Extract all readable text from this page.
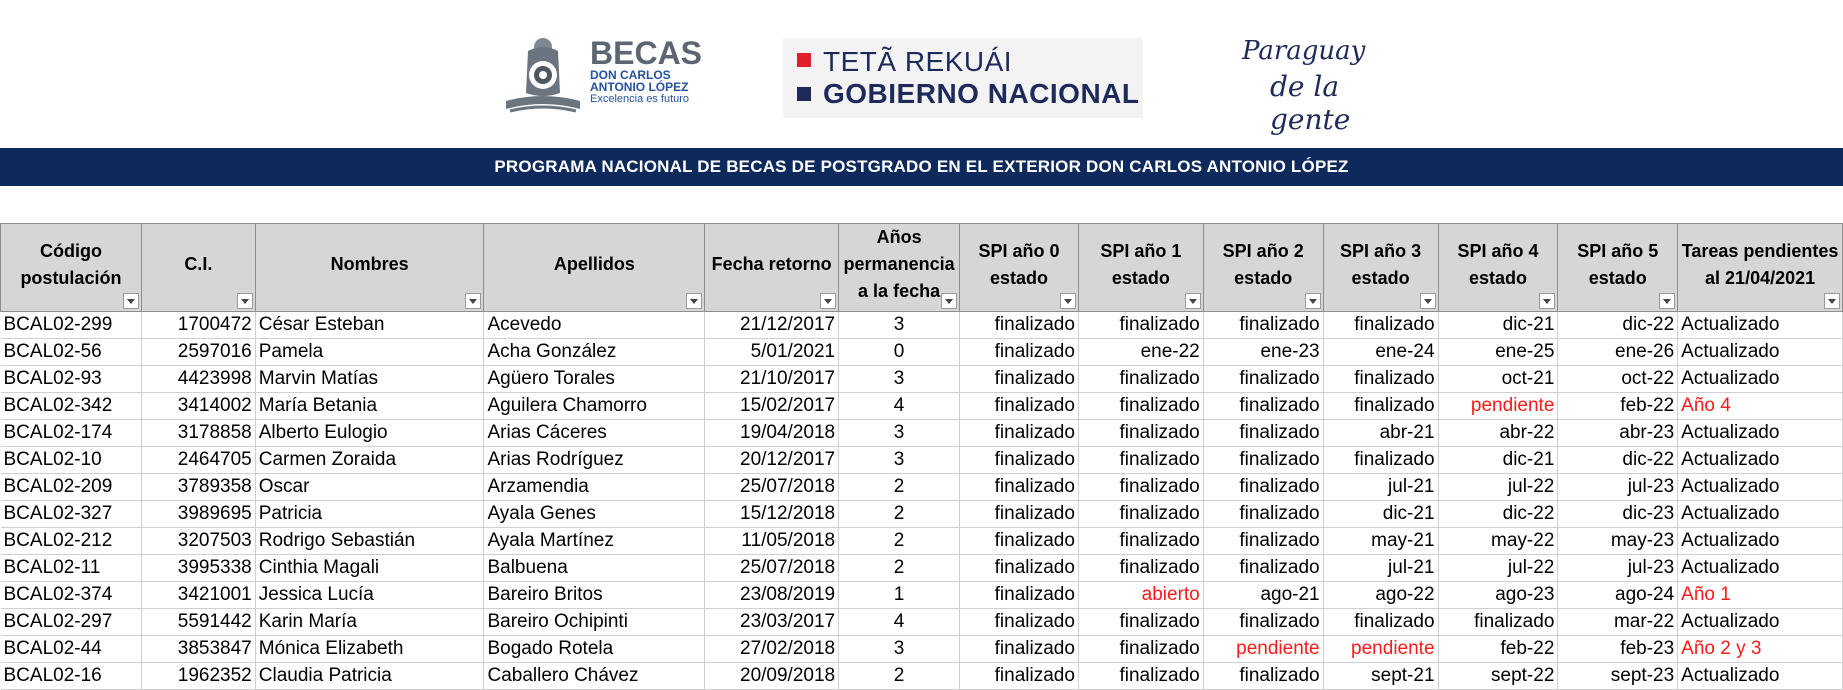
BECAS
DON CARLOS
ANTONIO LÓPEZ
Excelencia es futuro
TETÃ REKUÁI
GOBIERNO NACIONAL
Paraguay
de la gente
PROGRAMA NACIONAL DE BECAS DE POSTGRADO EN EL EXTERIOR DON CARLOS ANTONIO LÓPEZ
Código postulación	C.I.	Nombres	Apellidos	Fecha retorno	Años permanencia a la fecha	SPI año 0 estado	SPI año 1 estado	SPI año 2 estado	SPI año 3 estado	SPI año 4 estado	SPI año 5 estado	Tareas pendientes al 21/04/2021

BCAL02-299	1700472	César Esteban	Acevedo	21/12/2017	3	finalizado	finalizado	finalizado	finalizado	dic-21	dic-22	Actualizado
BCAL02-56	2597016	Pamela	Acha González	5/01/2021	0	finalizado	ene-22	ene-23	ene-24	ene-25	ene-26	Actualizado
BCAL02-93	4423998	Marvin Matías	Agüero Torales	21/10/2017	3	finalizado	finalizado	finalizado	finalizado	oct-21	oct-22	Actualizado
BCAL02-342	3414002	María Betania	Aguilera Chamorro	15/02/2017	4	finalizado	finalizado	finalizado	finalizado	pendiente	feb-22	Año 4
BCAL02-174	3178858	Alberto Eulogio	Arias Cáceres	19/04/2018	3	finalizado	finalizado	finalizado	abr-21	abr-22	abr-23	Actualizado
BCAL02-10	2464705	Carmen Zoraida	Arias Rodríguez	20/12/2017	3	finalizado	finalizado	finalizado	finalizado	dic-21	dic-22	Actualizado
BCAL02-209	3789358	Oscar	Arzamendia	25/07/2018	2	finalizado	finalizado	finalizado	jul-21	jul-22	jul-23	Actualizado
BCAL02-327	3989695	Patricia	Ayala Genes	15/12/2018	2	finalizado	finalizado	finalizado	dic-21	dic-22	dic-23	Actualizado
BCAL02-212	3207503	Rodrigo Sebastián	Ayala Martínez	11/05/2018	2	finalizado	finalizado	finalizado	may-21	may-22	may-23	Actualizado
BCAL02-11	3995338	Cinthia Magali	Balbuena	25/07/2018	2	finalizado	finalizado	finalizado	jul-21	jul-22	jul-23	Actualizado
BCAL02-374	3421001	Jessica Lucía	Bareiro Britos	23/08/2019	1	finalizado	abierto	ago-21	ago-22	ago-23	ago-24	Año 1
BCAL02-297	5591442	Karin María	Bareiro Ochipinti	23/03/2017	4	finalizado	finalizado	finalizado	finalizado	finalizado	mar-22	Actualizado
BCAL02-44	3853847	Mónica Elizabeth	Bogado Rotela	27/02/2018	3	finalizado	finalizado	pendiente	pendiente	feb-22	feb-23	Año 2 y 3
BCAL02-16	1962352	Claudia Patricia	Caballero Chávez	20/09/2018	2	finalizado	finalizado	finalizado	sept-21	sept-22	sept-23	Actualizado
